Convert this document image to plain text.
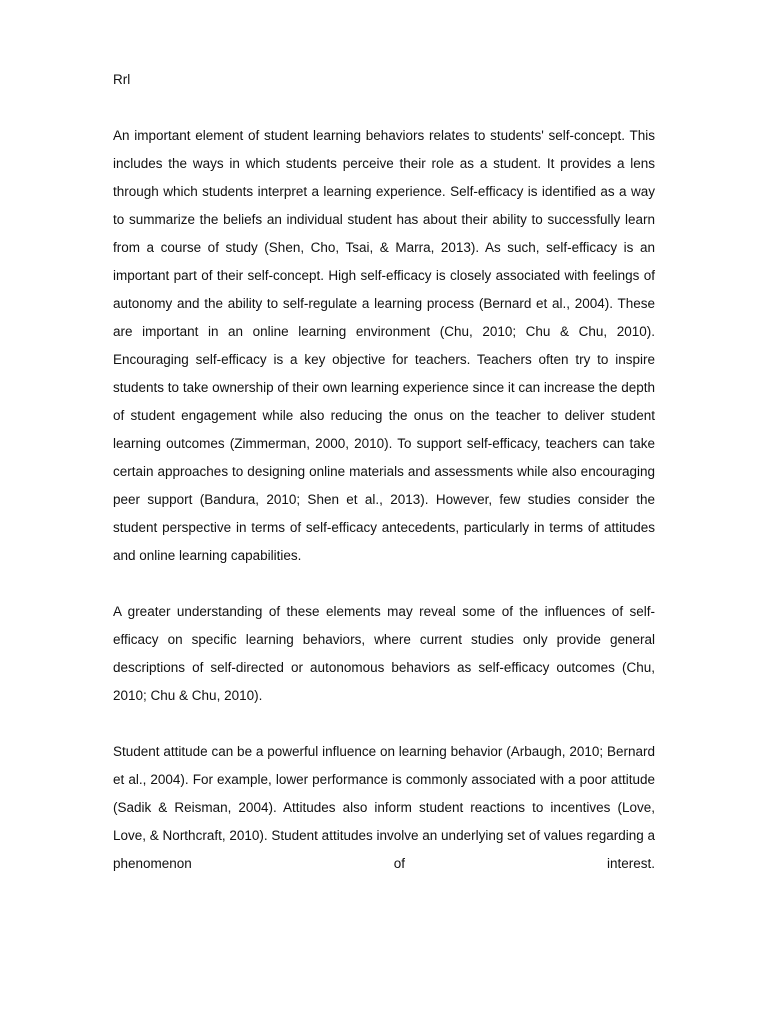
Rrl

An important element of student learning behaviors relates to students' self-concept. This includes the ways in which students perceive their role as a student. It provides a lens through which students interpret a learning experience. Self-efficacy is identified as a way to summarize the beliefs an individual student has about their ability to successfully learn from a course of study (Shen, Cho, Tsai, & Marra, 2013). As such, self-efficacy is an important part of their self-concept. High self-efficacy is closely associated with feelings of autonomy and the ability to self-regulate a learning process (Bernard et al., 2004). These are important in an online learning environment (Chu, 2010; Chu & Chu, 2010). Encouraging self-efficacy is a key objective for teachers. Teachers often try to inspire students to take ownership of their own learning experience since it can increase the depth of student engagement while also reducing the onus on the teacher to deliver student learning outcomes (Zimmerman, 2000, 2010). To support self-efficacy, teachers can take certain approaches to designing online materials and assessments while also encouraging peer support (Bandura, 2010; Shen et al., 2013). However, few studies consider the student perspective in terms of self-efficacy antecedents, particularly in terms of attitudes and online learning capabilities.

A greater understanding of these elements may reveal some of the influences of self-efficacy on specific learning behaviors, where current studies only provide general descriptions of self-directed or autonomous behaviors as self-efficacy outcomes (Chu, 2010; Chu & Chu, 2010).

Student attitude can be a powerful influence on learning behavior (Arbaugh, 2010; Bernard et al., 2004). For example, lower performance is commonly associated with a poor attitude (Sadik & Reisman, 2004). Attitudes also inform student reactions to incentives (Love, Love, & Northcraft, 2010). Student attitudes involve an underlying set of values regarding a phenomenon of interest.
